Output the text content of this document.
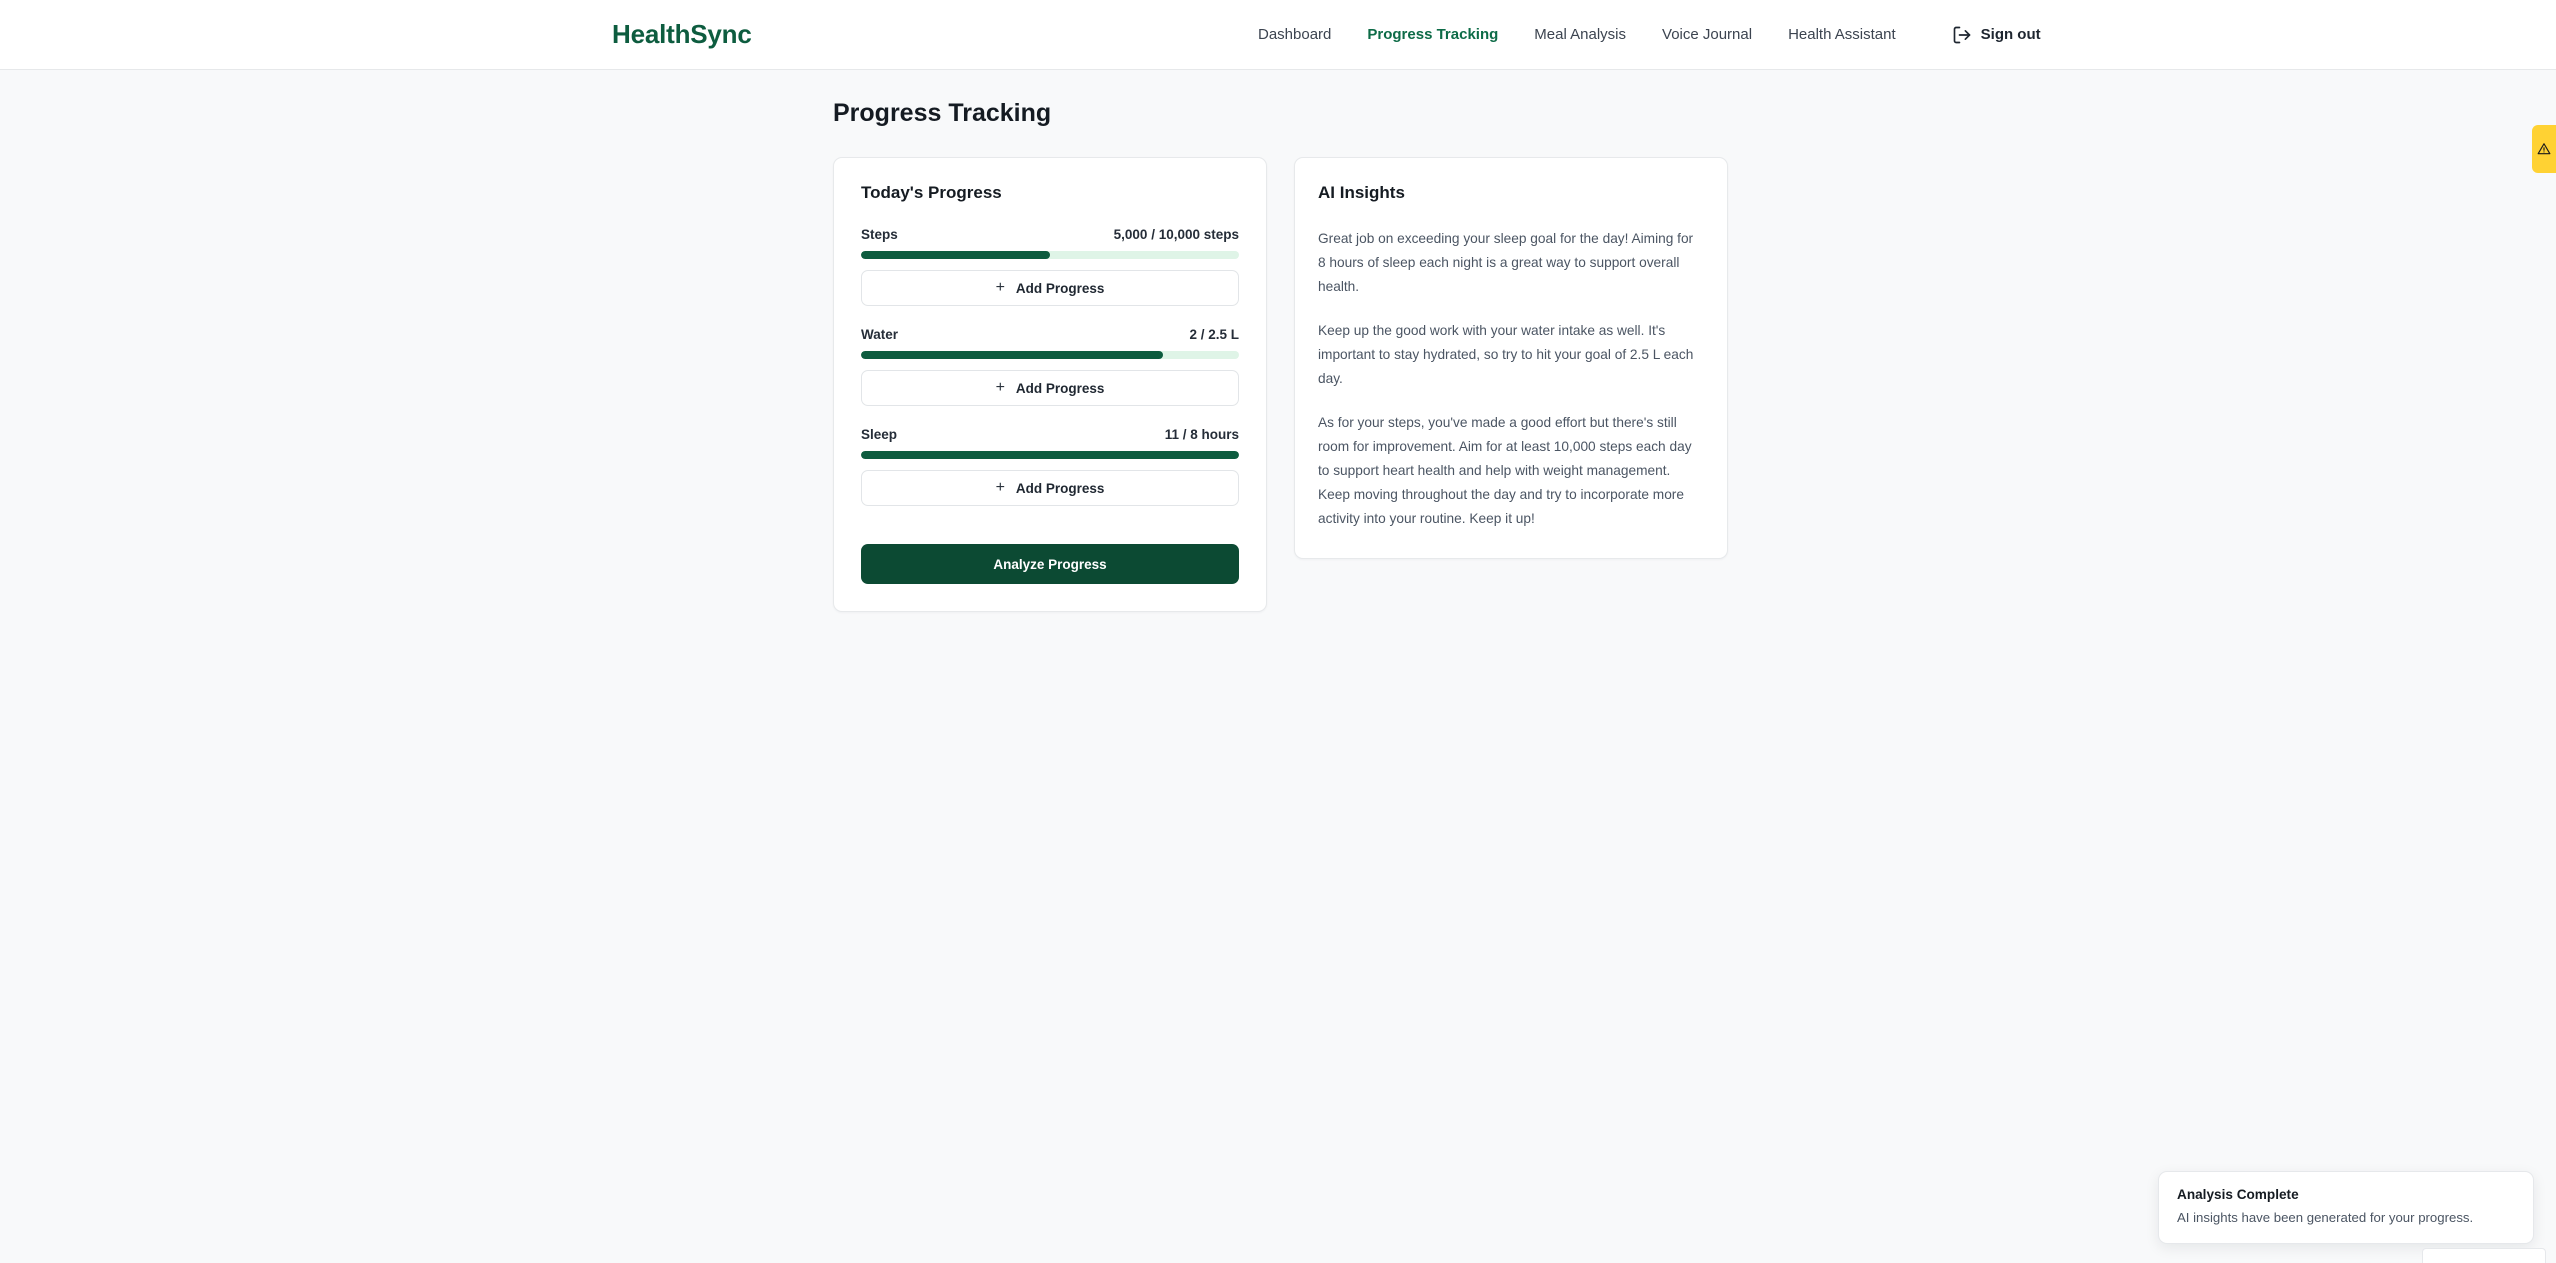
HealthSync	Dashboard Progress Tracking Meal Analysis Voice Journal Health Assistant	Sign out
Progress Tracking
Today's Progress
Steps	5,000 / 10,000 steps
+ Add Progress
Water	2 / 2.5 L
+ Add Progress
Sleep	11 / 8 hours
+ Add Progress
Analyze Progress
AI Insights

Great job on exceeding your sleep goal for the day! Aiming for 8 hours of sleep each night is a great way to support overall health.

Keep up the good work with your water intake as well. It's important to stay hydrated, so try to hit your goal of 2.5 L each day.

As for your steps, you've made a good effort but there's still room for improvement. Aim for at least 10,000 steps each day to support heart health and help with weight management. Keep moving throughout the day and try to incorporate more activity into your routine. Keep it up!

Analysis Complete
AI insights have been generated for your progress.
